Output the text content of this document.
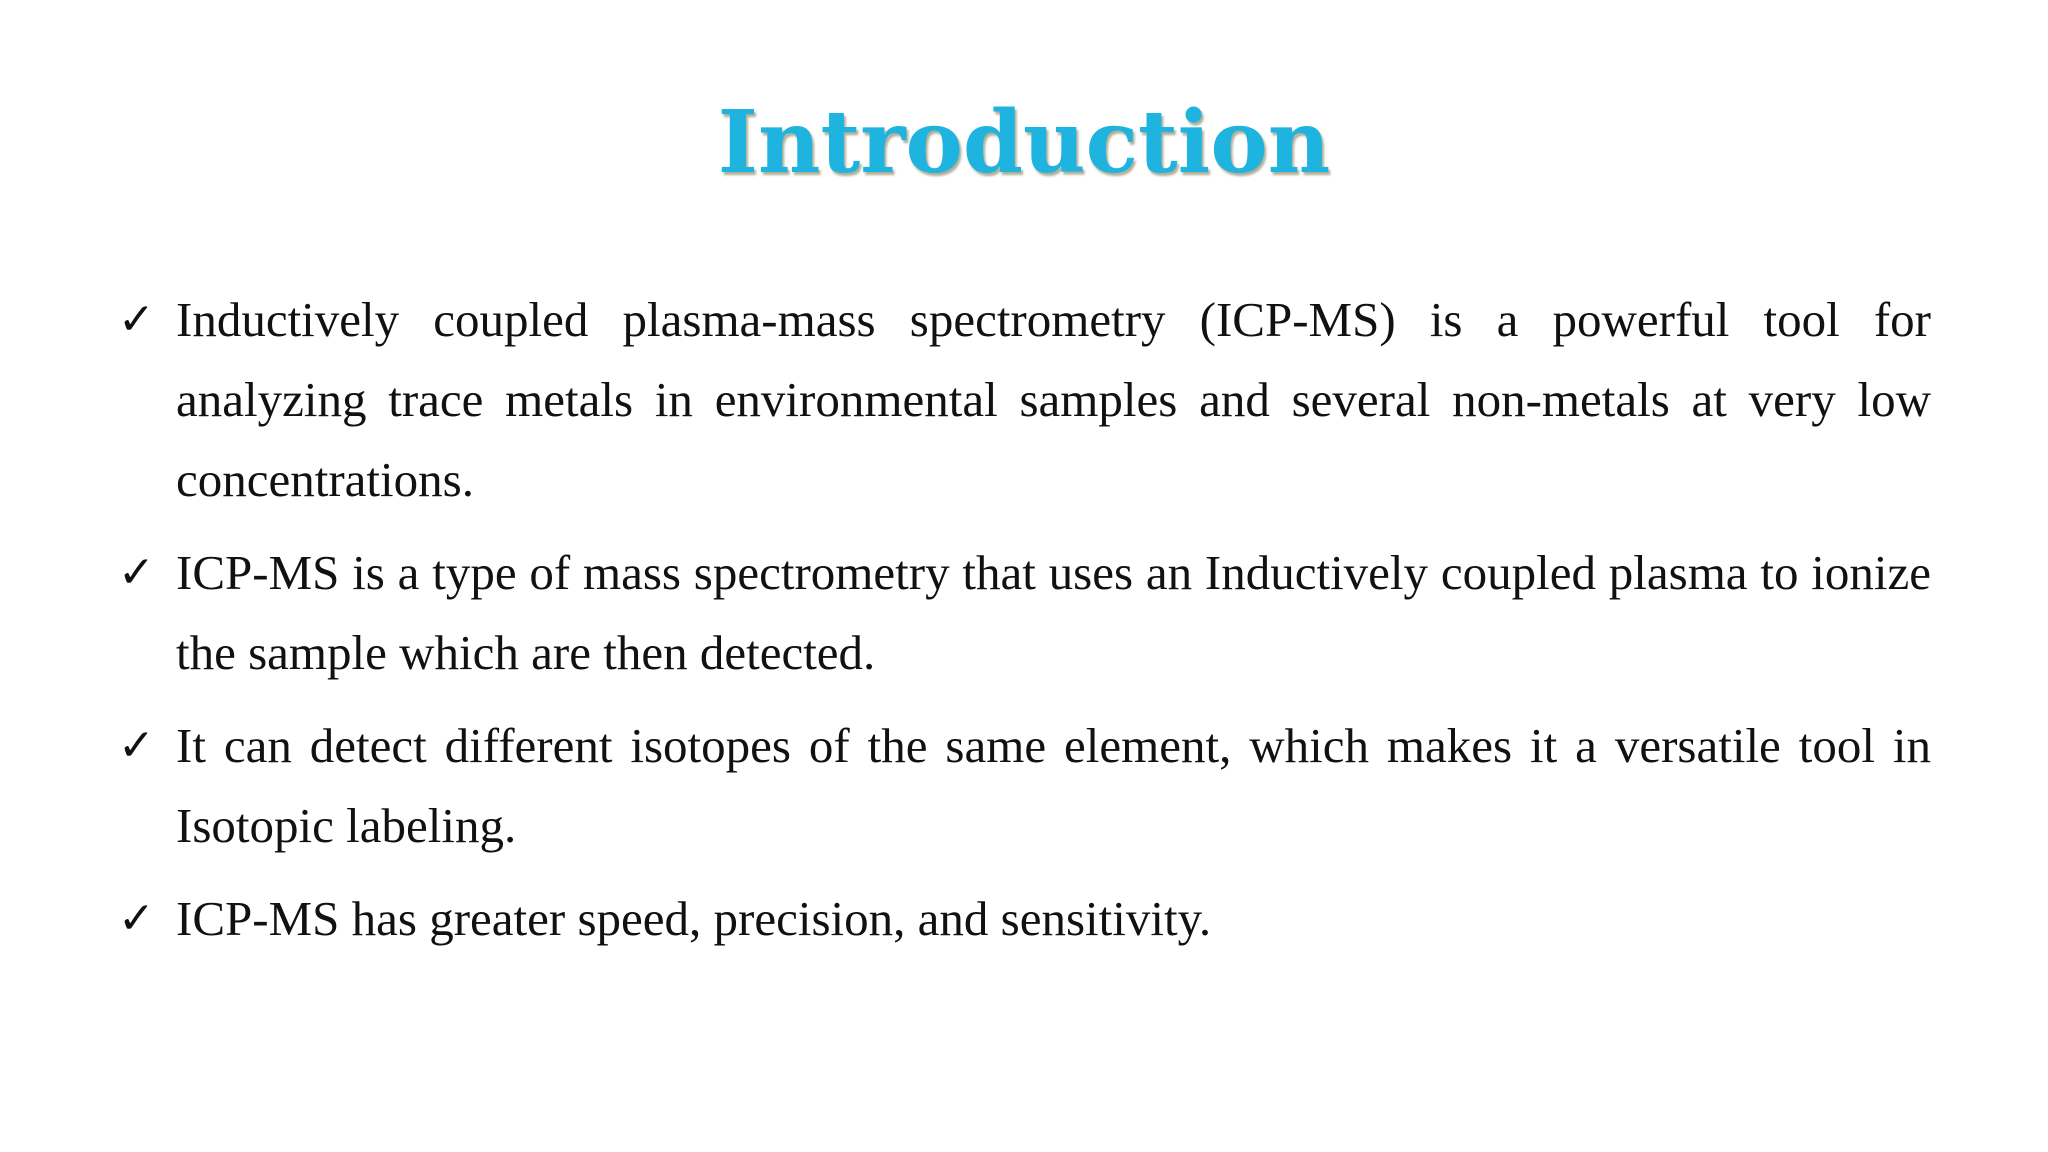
Introduction
✓ Inductively coupled plasma-mass spectrometry (ICP-MS) is a powerful tool for analyzing trace metals in environmental samples and several non-metals at very low concentrations.
✓ ICP-MS is a type of mass spectrometry that uses an Inductively coupled plasma to ionize the sample which are then detected.
✓ It can detect different isotopes of the same element, which makes it a versatile tool in Isotopic labeling.
✓ ICP-MS has greater speed, precision, and sensitivity.
